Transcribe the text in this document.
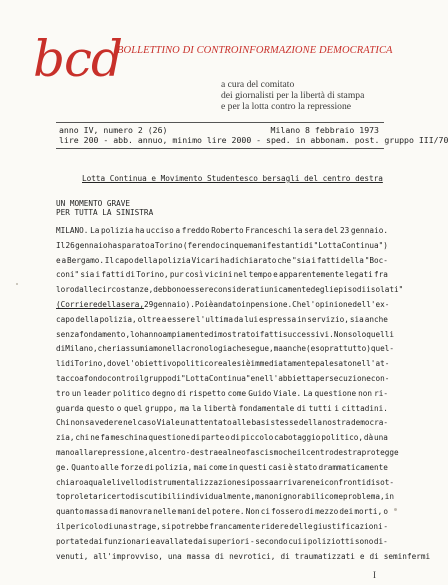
bcd
BOLLETTINO DI CONTROINFORMAZIONE DEMOCRATICA
a cura del comitato
dei giornalisti per la libertà di stampa
e per la lotta contro la repressione
anno IV, numero 2 (26)	Milano 8 febbraio 1973
lire 200 - abb. annuo, minimo lire 2000 - sped. in abbonam. post. gruppo III/70
Lotta Continua e Movimento Studentesco bersagli del centro destra
UN MOMENTO GRAVE
PER TUTTA LA SINISTRA
MILANO. La polizia ha ucciso a freddo Roberto Franceschi la sera del 23 gennaio.
Il 26 gennaio ha sparato a Torino (ferendo cinque manifestanti di "Lotta Continua")
e a Bergamo. Il capo della polizia Vicari ha dichiarato che "sia i fatti della "Boc-
coni" sia i fatti di Torino, pur così vicini nel tempo e apparentemente legati fra
loro dalle circostanze, debbono essere considerati unicamente degli episodi isolati"
(Corriere della sera, 29 gennaio). Poi è andato in pensione. Che l'opinione dell'ex-
capo della polizia, oltre a essere l'ultima da lui espressa in servizio, sia anche
senza fondamento, lo hanno ampiamente dimostrato i fatti successivi. Non solo quelli
di Milano, che riassumiamo nella cronologia che segue, ma anche (e soprattutto) quel-
li di Torino, dove l'obiettivo politico reale si è immediatamente palesato nell'at-
tacco a fondo contro il gruppo di "Lotta Continua" e nell'abbietta persecuzione con-
tro un leader politico degno di rispetto come Guido Viale. La questione non ri-
guarda questo o quel gruppo, ma la libertà fondamentale di tutti i cittadini.
Chi non sa vedere nel caso Viale un attentato alle basi stesse della nostra democra-
zia, chi ne fa meschina questione di parte o di piccolo cabotaggio politico, dà una
mano alla repressione, al centro-destra e al neofascismo che il centro destra protegge
ge. Quanto alle forze di polizia, mai come in questi casi è stato drammaticamente
chiaro a quale livello di strumentalizzazione si possa arrivare nei confronti di sot-
toproletari certo discutibili individualmente, ma non ignorabili come problema, in
quanto massa di manovra nelle mani del potere. Non ci fossero di mezzo dei morti, o
il pericolo di una strage, si potrebbe francamente ridere delle giustificazioni -
portate dai funzionari e avallate dai superiori - secondo cui i poliziotti sono di-
venuti, all'improvviso, una massa di nevrotici, di traumatizzati e di seminfermi
I
